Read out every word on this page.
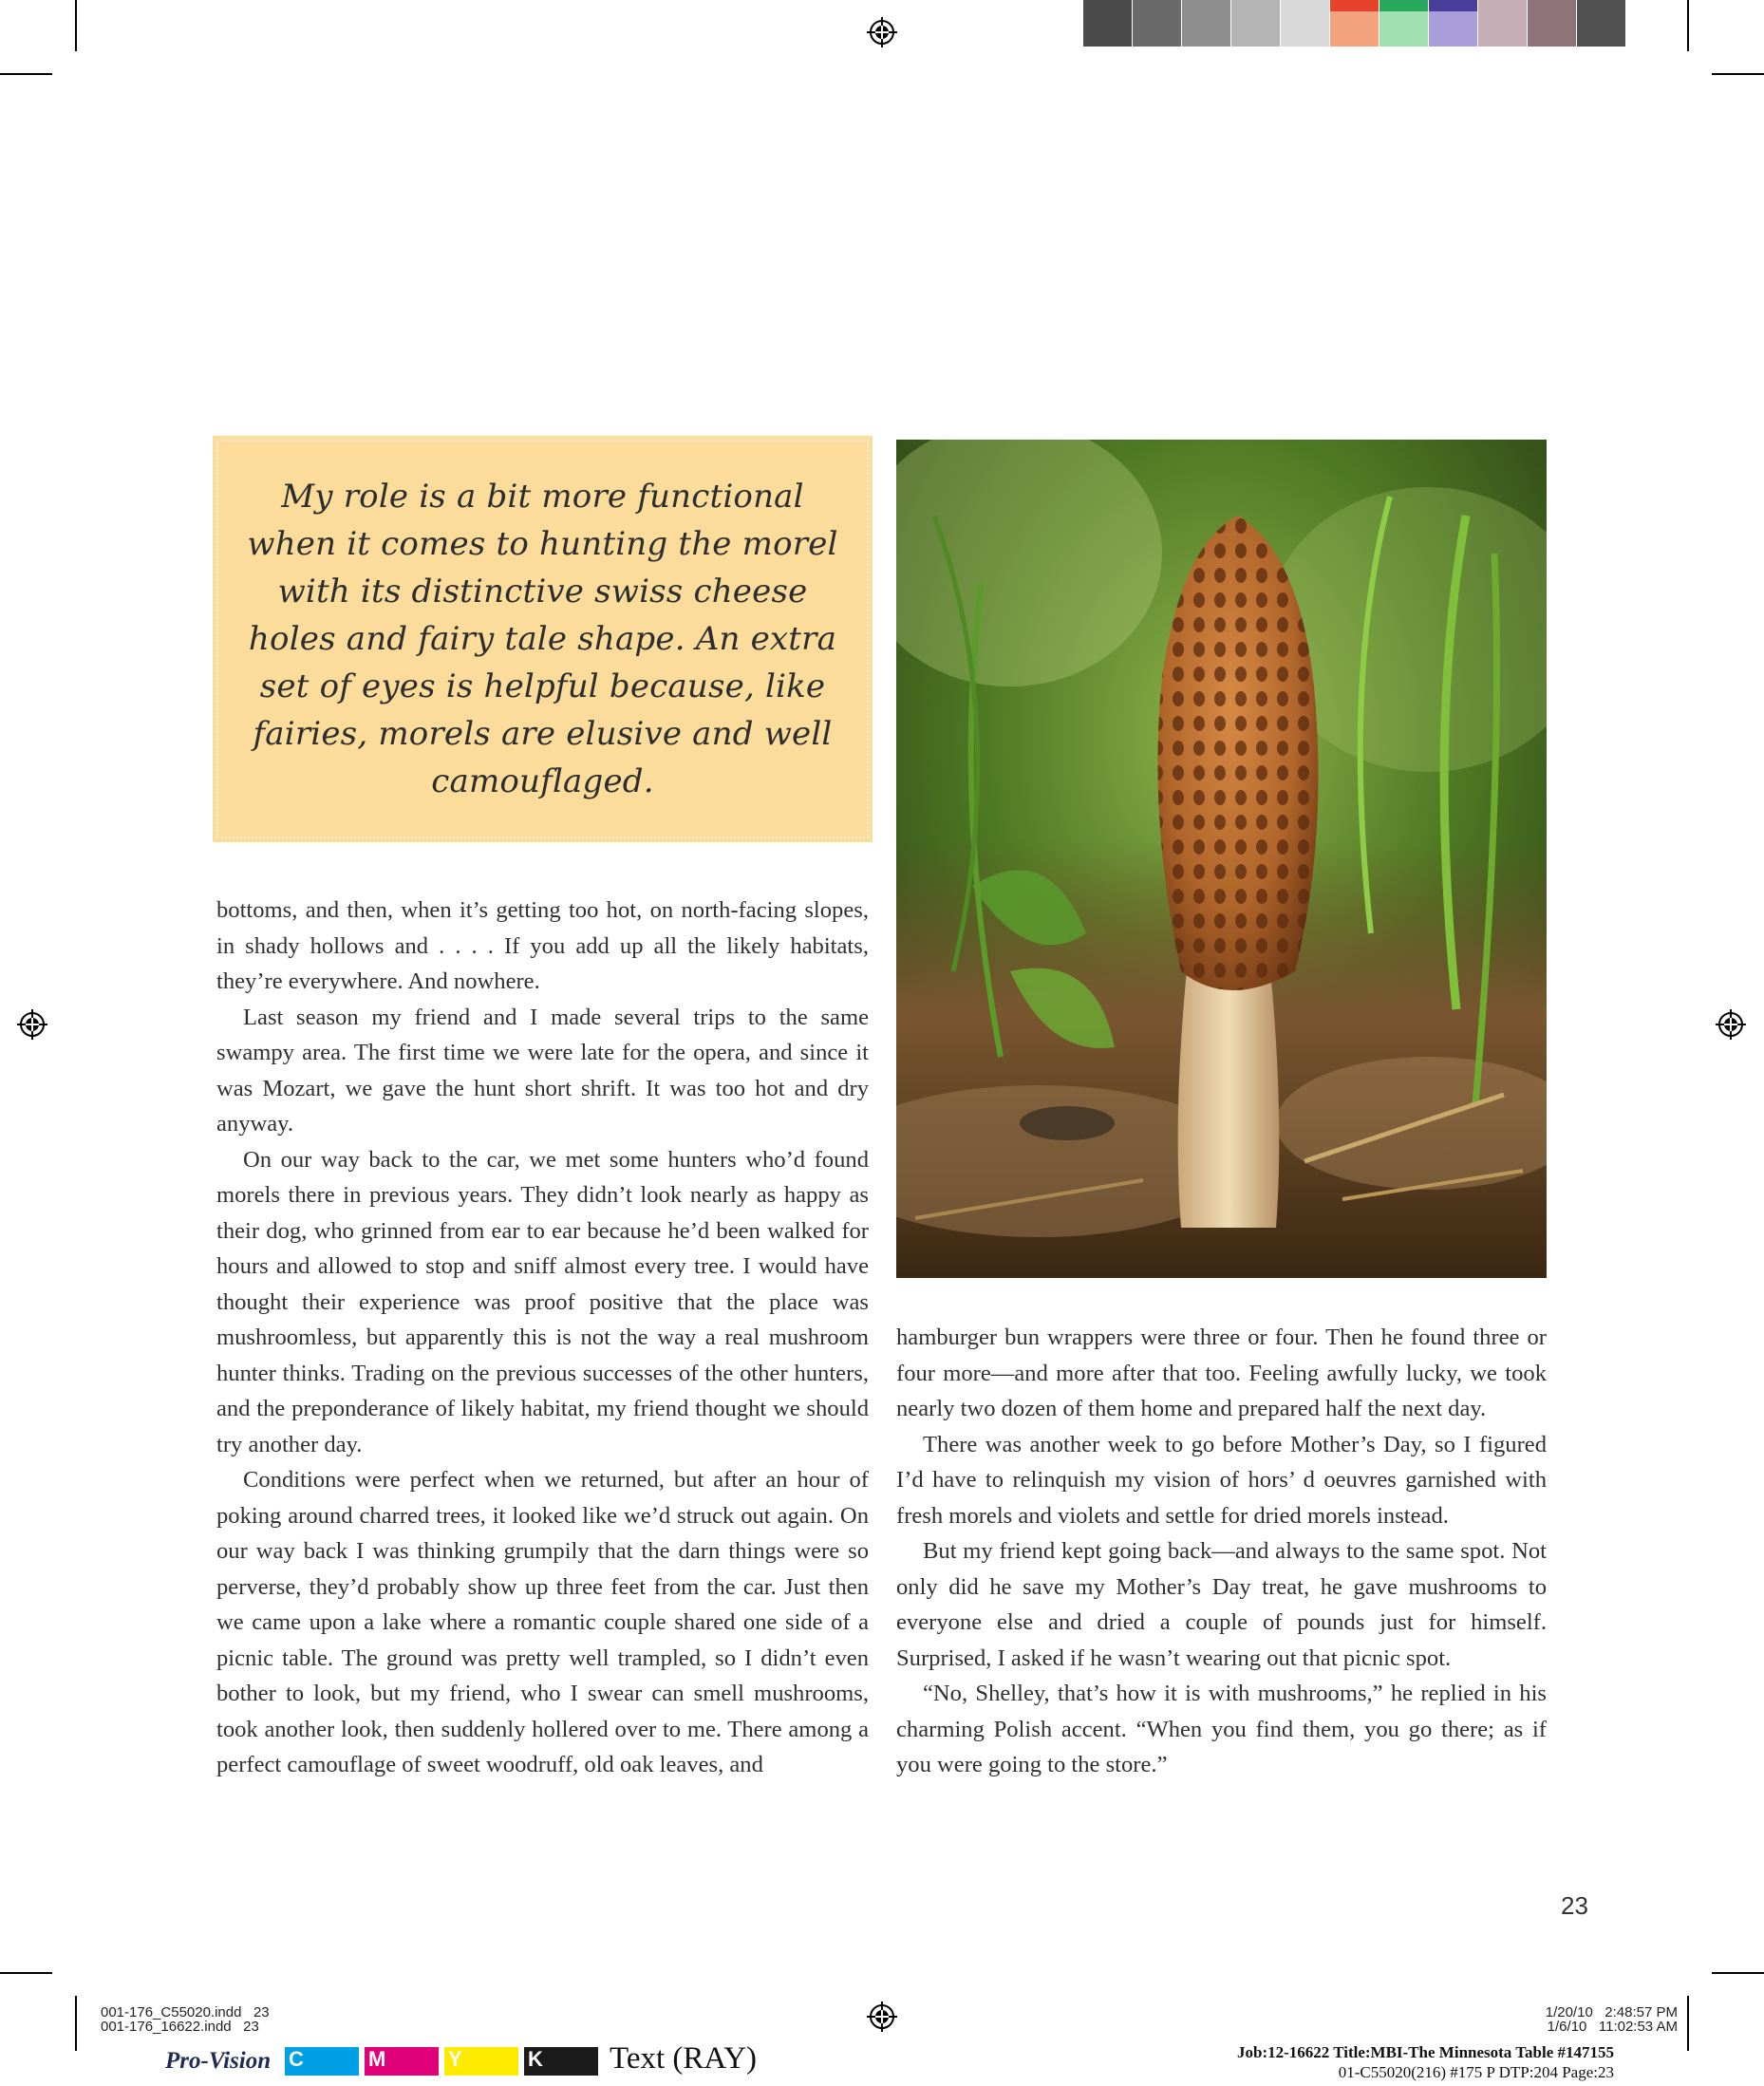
My role is a bit more functional when it comes to hunting the morel with its distinctive swiss cheese holes and fairy tale shape. An extra set of eyes is helpful because, like fairies, morels are elusive and well camouflaged.

bottoms, and then, when it’s getting too hot, on north-facing slopes, in shady hollows and . . . . If you add up all the likely habitats, they’re everywhere. And nowhere.

Last season my friend and I made several trips to the same swampy area. The first time we were late for the opera, and since it was Mozart, we gave the hunt short shrift. It was too hot and dry anyway.

On our way back to the car, we met some hunters who’d found morels there in previous years. They didn’t look nearly as happy as their dog, who grinned from ear to ear because he’d been walked for hours and allowed to stop and sniff almost every tree. I would have thought their experience was proof positive that the place was mushroomless, but apparently this is not the way a real mushroom hunter thinks. Trading on the previous successes of the other hunters, and the preponderance of likely habitat, my friend thought we should try another day.

Conditions were perfect when we returned, but after an hour of poking around charred trees, it looked like we’d struck out again. On our way back I was thinking grumpily that the darn things were so perverse, they’d probably show up three feet from the car. Just then we came upon a lake where a romantic couple shared one side of a picnic table. The ground was pretty well trampled, so I didn’t even bother to look, but my friend, who I swear can smell mushrooms, took another look, then suddenly hollered over to me. There among a perfect camouflage of sweet woodruff, old oak leaves, and

hamburger bun wrappers were three or four. Then he found three or four more—and more after that too. Feeling awfully lucky, we took nearly two dozen of them home and prepared half the next day.

There was another week to go before Mother’s Day, so I figured I’d have to relinquish my vision of hors’ d oeuvres garnished with fresh morels and violets and settle for dried morels instead.

But my friend kept going back—and always to the same spot. Not only did he save my Mother’s Day treat, he gave mushrooms to everyone else and dried a couple of pounds just for himself. Surprised, I asked if he wasn’t wearing out that picnic spot.

“No, Shelley, that’s how it is with mushrooms,” he replied in his charming Polish accent. “When you find them, you go there; as if you were going to the store.”

23
001-176_C55020.indd   23
001-176_16622.indd   23
1/20/10   2:48:57 PM
1/6/10   11:02:53 AM
Job:12-16622 Title:MBI-The Minnesota Table #147155
01-C55020(216) #175 P DTP:204 Page:23
Pro-Vision C	M	Y	K	Text (RAY)
